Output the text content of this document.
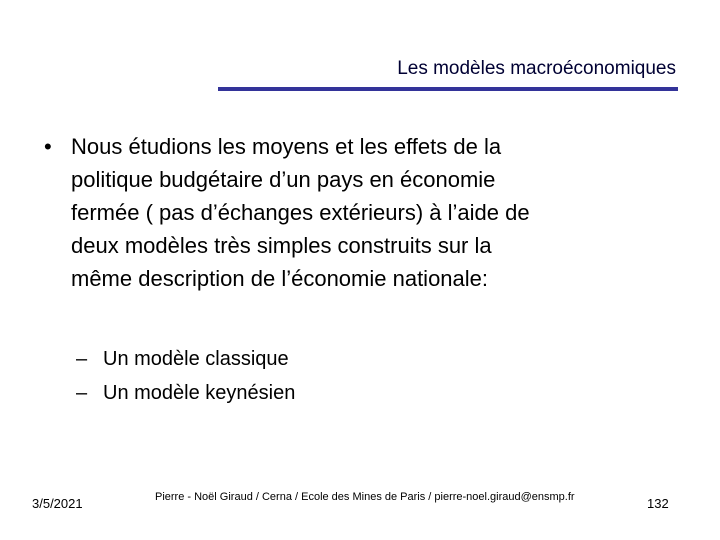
Les modèles macroéconomiques
• Nous étudions les moyens et les effets de la
politique budgétaire d’un pays en économie
fermée ( pas d’échanges extérieurs) à l’aide de
deux modèles très simples construits sur la
même description de l’économie nationale:
– Un modèle classique
– Un modèle keynésien
3/5/2021	Pierre - Noël Giraud / Cerna / Ecole des Mines de Paris / pierre-noel.giraud@ensmp.fr	132
